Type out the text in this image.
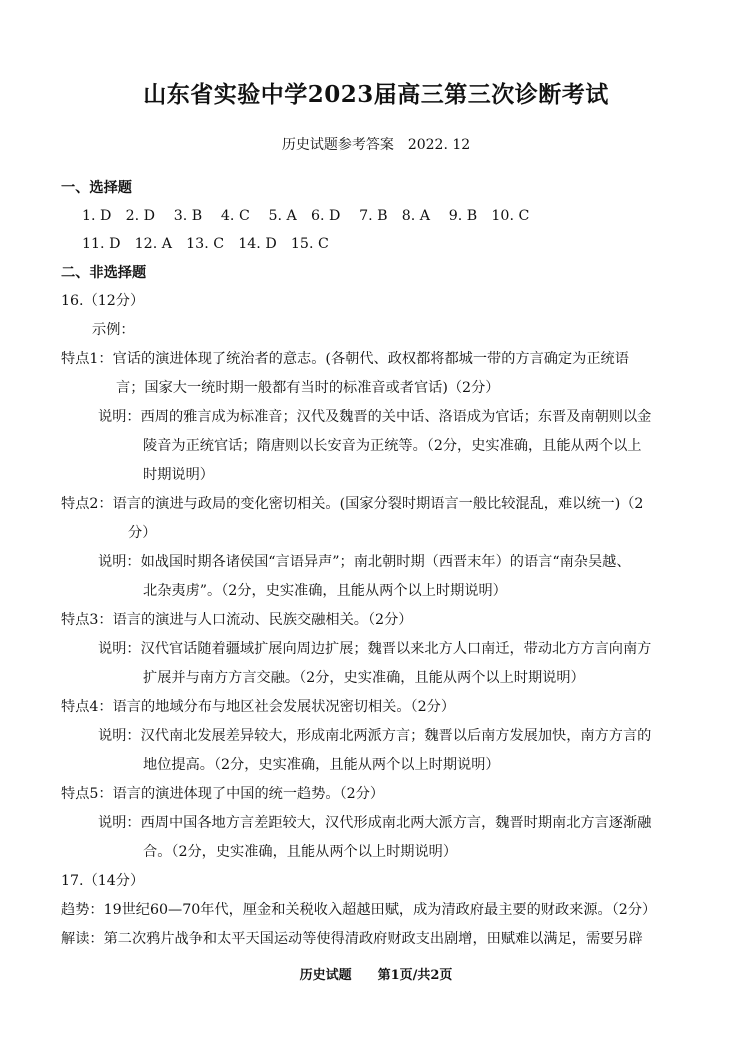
山东省实验中学2023届高三第三次诊断考试
历史试题参考答案　2022. 12
一、选择题
1. D　2. D　 3. B　 4. C　 5. A　6. D　 7. B　8. A　 9. B　10. C
11. D　12. A　13. C　14. D　15. C
二、非选择题
16.（12分）
示例：
特点1：官话的演进体现了统治者的意志。(各朝代、政权都将都城一带的方言确定为正统语
言；国家大一统时期一般都有当时的标准音或者官话)（2分）
说明：西周的雅言成为标准音；汉代及魏晋的关中话、洛语成为官话；东晋及南朝则以金
陵音为正统官话；隋唐则以长安音为正统等。（2分，史实准确，且能从两个以上
时期说明）
特点2：语言的演进与政局的变化密切相关。(国家分裂时期语言一般比较混乱，难以统一)（2
分）
说明：如战国时期各诸侯国“言语异声”；南北朝时期（西晋末年）的语言“南杂吴越、
北杂夷虏”。（2分，史实准确，且能从两个以上时期说明）
特点3：语言的演进与人口流动、民族交融相关。（2分）
说明：汉代官话随着疆域扩展向周边扩展；魏晋以来北方人口南迁，带动北方方言向南方
扩展并与南方方言交融。（2分，史实准确，且能从两个以上时期说明）
特点4：语言的地域分布与地区社会发展状况密切相关。（2分）
说明：汉代南北发展差异较大，形成南北两派方言；魏晋以后南方发展加快，南方方言的
地位提高。（2分，史实准确，且能从两个以上时期说明）
特点5：语言的演进体现了中国的统一趋势。（2分）
说明：西周中国各地方言差距较大，汉代形成南北两大派方言，魏晋时期南北方言逐渐融
合。（2分，史实准确，且能从两个以上时期说明）
17.（14分）
趋势：19世纪60—70年代，厘金和关税收入超越田赋，成为清政府最主要的财政来源。（2分）
解读：第二次鸦片战争和太平天国运动等使得清政府财政支出剧增，田赋难以满足，需要另辟
历史试题 第1页/共2页
